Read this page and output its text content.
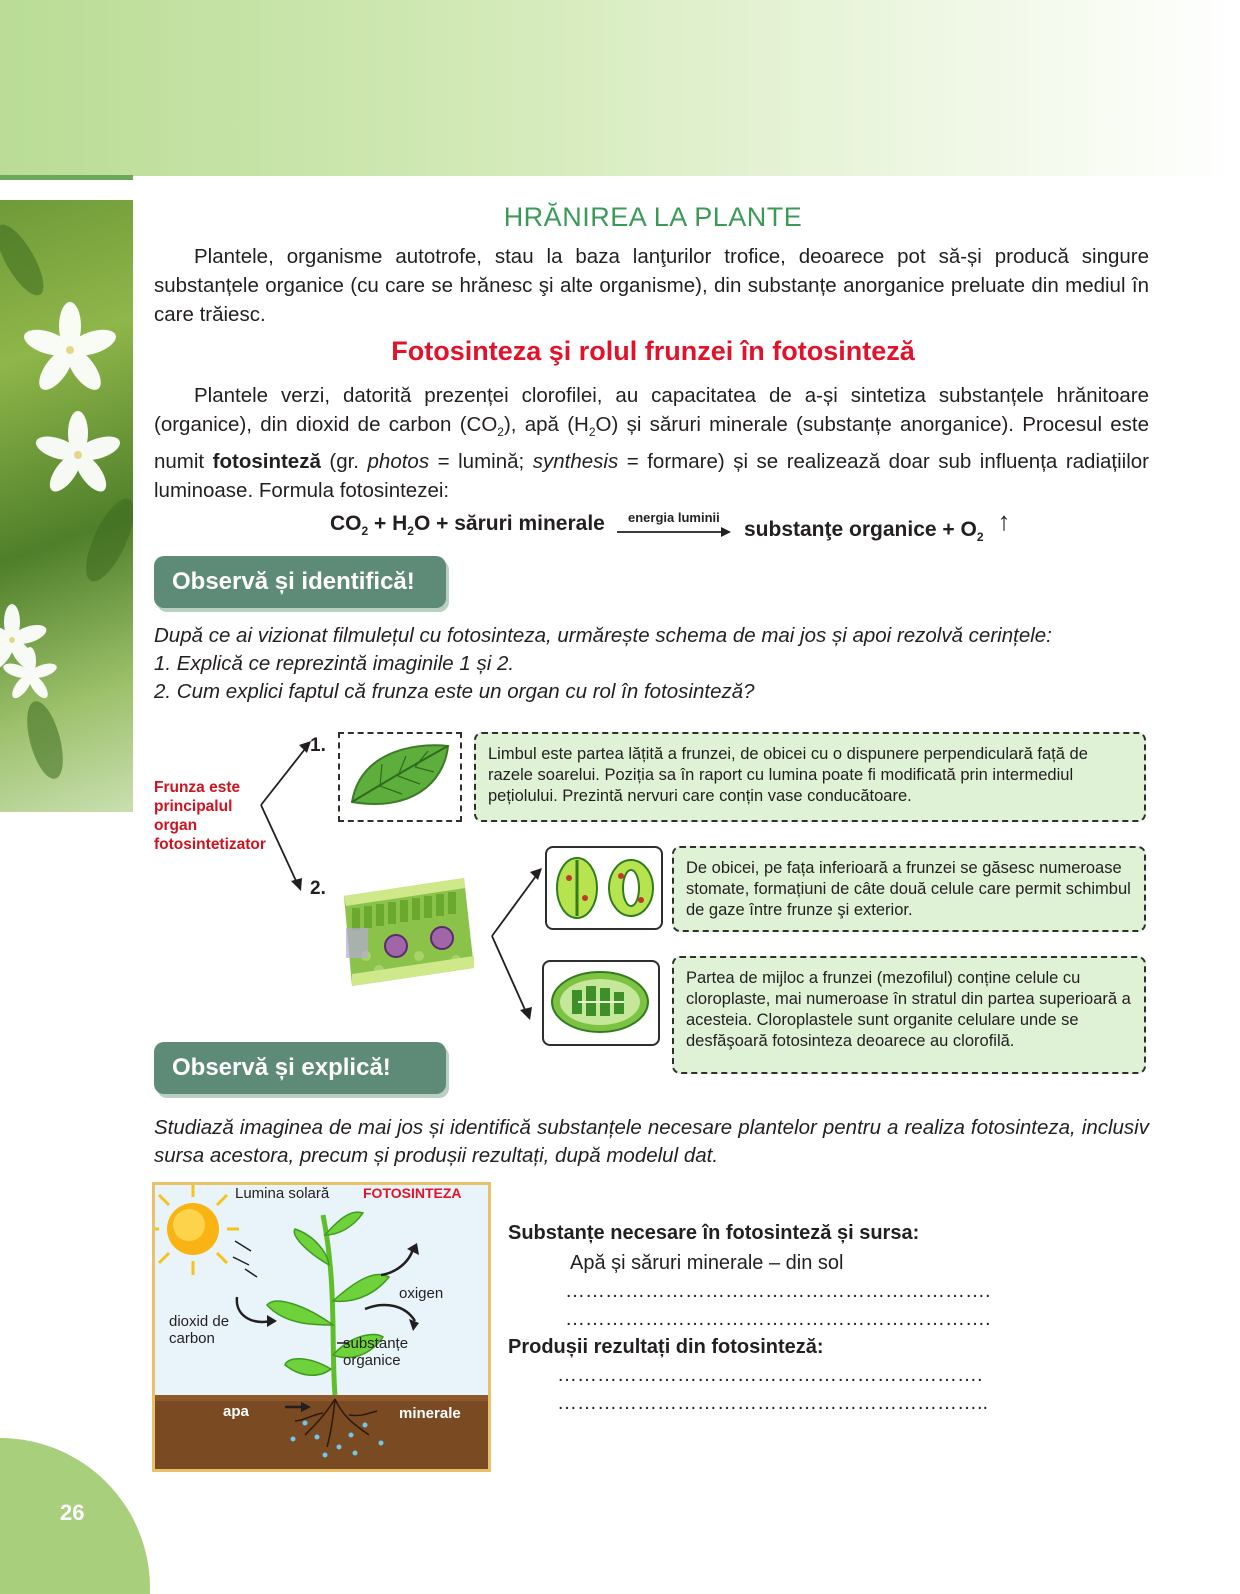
26
HRĂNIREA LA PLANTE
Plantele, organisme autotrofe, stau la baza lanţurilor trofice, deoarece pot să-și producă singure substanțele organice (cu care se hrănesc şi alte organisme), din substanțe anorganice preluate din mediul în care trăiesc.
Fotosinteza şi rolul frunzei în fotosinteză
Plantele verzi, datorită prezenței clorofilei, au capacitatea de a-și sintetiza substanțele hrănitoare (organice), din dioxid de carbon $(CO_2)$, apă $(H_2O)$ și săruri minerale (substanțe anorganice). Procesul este numit fotosinteză (gr. photos = lumină; synthesis = formare) și se realizează doar sub influența radiațiilor luminoase. Formula fotosintezei:
$CO_2 + H_2O$ + săruri minerale energia luminii
substanţe organice + $O_2↑$
Observă și identifică!
După ce ai vizionat filmulețul cu fotosinteza, urmărește schema de mai jos și apoi rezolvă cerințele:
1. Explică ce reprezintă imaginile 1 și 2.
2. Cum explici faptul că frunza este un organ cu rol în fotosinteză?
Frunza este principalul organ fotosintetizator
1.
2.
Limbul este partea lățită a frunzei, de obicei cu o dispunere perpendiculară față de razele soarelui. Poziția sa în raport cu lumina poate fi modificată prin intermediul pețiolului. Prezintă nervuri care conțin vase conducătoare.
De obicei, pe fața inferioară a frunzei se găsesc numeroase stomate, formațiuni de câte două celule care permit schimbul de gaze între frunze şi exterior.
Partea de mijloc a frunzei (mezofilul) conține celule cu cloroplaste, mai numeroase în stratul din partea superioară a acesteia. Cloroplastele sunt organite celulare unde se desfăşoară fotosinteza deoarece au clorofilă.
Observă și explică!
Studiază imaginea de mai jos și identifică substanțele necesare plantelor pentru a realiza fotosinteza, inclusiv sursa acestora, precum și produșii rezultați, după modelul dat.
Lumina solară FOTOSINTEZA
oxigen
dioxid de carbon	substanțe organice
apa	minerale
Substanțe necesare în fotosinteză și sursa:
Apă și săruri minerale – din sol
……………………………………………………….
……………………………………………………….
Produșii rezultați din fotosinteză:
……………………………………………………….
………………………………………………………..
